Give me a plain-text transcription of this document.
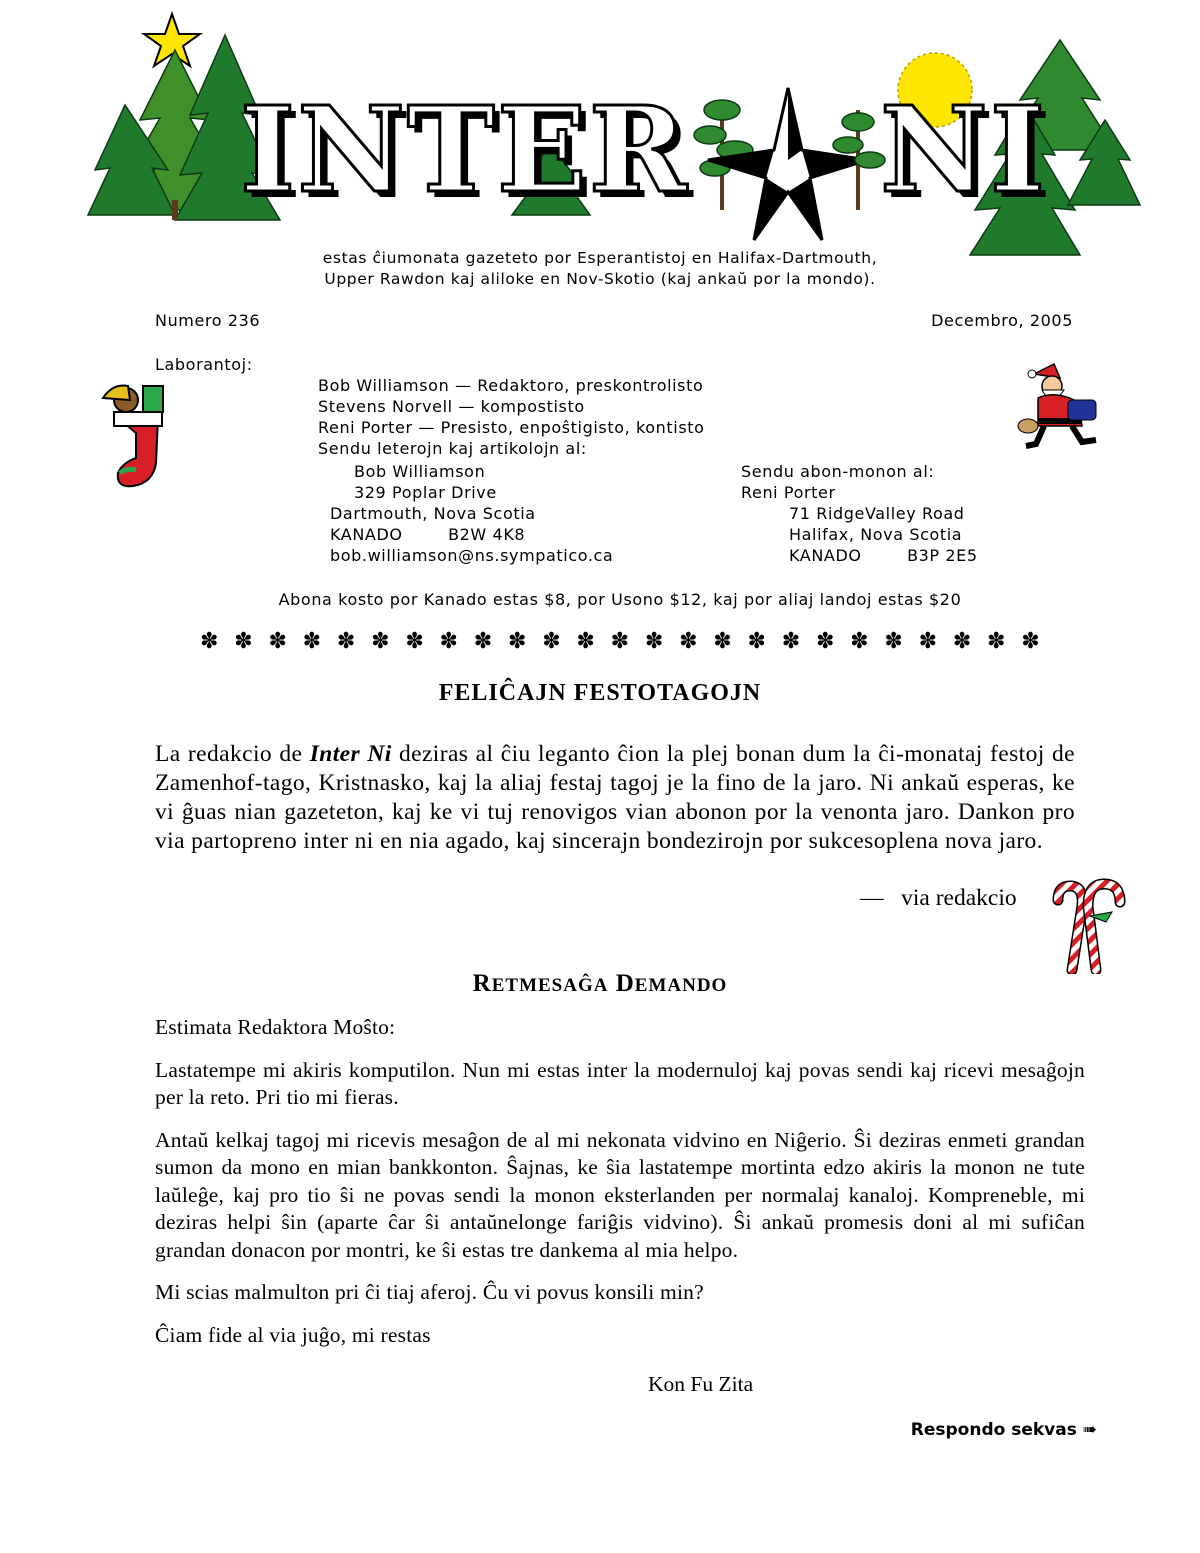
INTER NI
estas ĉiumonata gazeteto por Esperantistoj en Halifax-Dartmouth,
Upper Rawdon kaj aliloke en Nov-Skotio (kaj ankaŭ por la mondo).
Numero 236	Decembro, 2005
Laborantoj:
Bob Williamson — Redaktoro, preskontrolisto
Stevens Norvell — kompostisto
Reni Porter — Presisto, enpoŝtigisto, kontisto
Sendu leterojn kaj artikolojn al:
Bob Williamson
329 Poplar Drive
Dartmouth, Nova Scotia
KANADO        B2W 4K8
bob.williamson@ns.sympatico.ca
Sendu abon-monon al:
Reni Porter
71 RidgeValley Road
Halifax, Nova Scotia
KANADO        B3P 2E5
Abona kosto por Kanado estas $8, por Usono $12, kaj por aliaj landoj estas $20
✽ ✽ ✽ ✽ ✽ ✽ ✽ ✽ ✽ ✽ ✽ ✽ ✽ ✽ ✽ ✽ ✽ ✽ ✽ ✽ ✽ ✽ ✽ ✽ ✽
FELIĈAJN FESTOTAGOJN
La redakcio de Inter Ni deziras al ĉiu leganto ĉion la plej bonan dum la ĉi-monataj festoj de Zamenhof-tago, Kristnasko, kaj la aliaj festaj tagoj je la fino de la jaro. Ni ankaŭ esperas, ke vi ĝuas nian gazeteton, kaj ke vi tuj renovigos vian abonon por la venonta jaro. Dankon pro via partopreno inter ni en nia agado, kaj sincerajn bondezirojn por sukcesoplena nova jaro.
—   via redakcio
RETMESAĜA DEMANDO

Estimata Redaktora Moŝto:

Lastatempe mi akiris komputilon. Nun mi estas inter la modernuloj kaj povas sendi kaj ricevi mesaĝojn per la reto. Pri tio mi fieras.

Antaŭ kelkaj tagoj mi ricevis mesaĝon de al mi nekonata vidvino en Niĝerio. Ŝi deziras enmeti grandan sumon da mono en mian bankkonton. Ŝajnas, ke ŝia lastatempe mortinta edzo akiris la monon ne tute laŭleĝe, kaj pro tio ŝi ne povas sendi la monon eksterlanden per normalaj kanaloj. Kompreneble, mi deziras helpi ŝin (aparte ĉar ŝi antaŭnelonge fariĝis vidvino). Ŝi ankaŭ promesis doni al mi sufiĉan grandan donacon por montri, ke ŝi estas tre dankema al mia helpo.

Mi scias malmulton pri ĉi tiaj aferoj. Ĉu vi povus konsili min?

Ĉiam fide al via juĝo, mi restas

Kon Fu Zita
Respondo sekvas ➠
